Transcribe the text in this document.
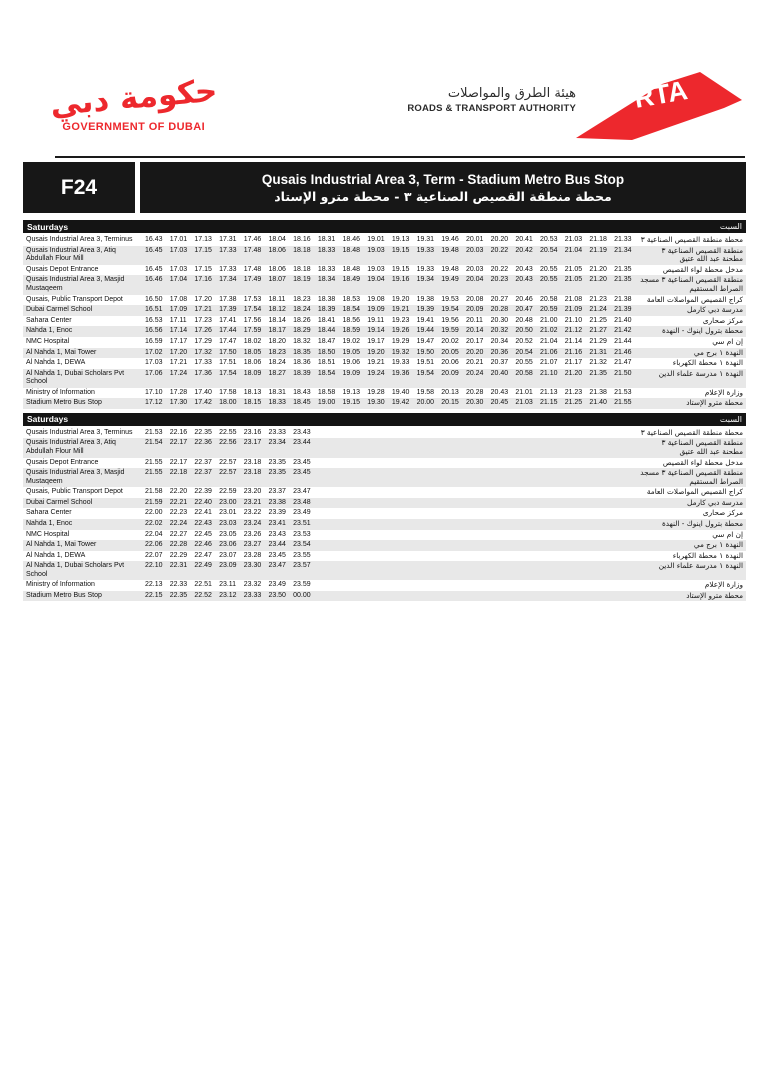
حكومة دبي
GOVERNMENT OF DUBAI
هيئة الطرق والمواصلات
ROADS & TRANSPORT AUTHORITY RTA
F24	Qusais Industrial Area 3, Term - Stadium Metro Bus Stop
محطة منطقة القصيص الصناعية ٣ - محطة مترو الإستاد
Saturdays	السبت
Qusais Industrial Area 3, Terminus	16.43	17.01	17.13	17.31	17.46	18.04	18.16	18.31	18.46	19.01	19.13	19.31	19.46	20.01	20.20	20.41	20.53	21.03	21.18	21.33	محطة منطقة القصيص الصناعية ٣
Qusais Industrial Area 3, Atiq Abdullah Flour Mill
16.45	17.03	17.15	17.33	17.48	18.06	18.18	18.33	18.48	19.03	19.15	19.33	19.48	20.03	20.22	20.42	20.54	21.04	21.19	21.34	منطقة القصيص الصناعية ٣ مطحنة عبد الله عتيق
Qusais Depot Entrance	16.45	17.03	17.15	17.33	17.48	18.06	18.18	18.33	18.48	19.03	19.15	19.33	19.48	20.03	20.22	20.43	20.55	21.05	21.20	21.35	مدخل محطة لواء القصيص
Qusais Industrial Area 3, Masjid Mustaqeem
16.46	17.04	17.16	17.34	17.49	18.07	18.19	18.34	18.49	19.04	19.16	19.34	19.49	20.04	20.23	20.43	20.55	21.05	21.20	21.35	منطقة القصيص الصناعية ٣ مسجد الصراط المستقيم
Qusais, Public Transport Depot	16.50	17.08	17.20	17.38	17.53	18.11	18.23	18.38	18.53	19.08	19.20	19.38	19.53	20.08	20.27	20.46	20.58	21.08	21.23	21.38	كراج القصيص المواصلات العامة
Dubai Carmel School	16.51	17.09	17.21	17.39	17.54	18.12	18.24	18.39	18.54	19.09	19.21	19.39	19.54	20.09	20.28	20.47	20.59	21.09	21.24	21.39	مدرسة دبي كارمل
Sahara Center	16.53	17.11	17.23	17.41	17.56	18.14	18.26	18.41	18.56	19.11	19.23	19.41	19.56	20.11	20.30	20.48	21.00	21.10	21.25	21.40	مركز صحارى
Nahda 1, Enoc	16.56	17.14	17.26	17.44	17.59	18.17	18.29	18.44	18.59	19.14	19.26	19.44	19.59	20.14	20.32	20.50	21.02	21.12	21.27	21.42	محطة بترول اينوك - النهدة
NMC Hospital	16.59	17.17	17.29	17.47	18.02	18.20	18.32	18.47	19.02	19.17	19.29	19.47	20.02	20.17	20.34	20.52	21.04	21.14	21.29	21.44	إن ام سي
Al Nahda 1, Mai Tower	17.02	17.20	17.32	17.50	18.05	18.23	18.35	18.50	19.05	19.20	19.32	19.50	20.05	20.20	20.36	20.54	21.06	21.16	21.31	21.46	النهدة ١ برج مي
Al Nahda 1, DEWA	17.03	17.21	17.33	17.51	18.06	18.24	18.36	18.51	19.06	19.21	19.33	19.51	20.06	20.21	20.37	20.55	21.07	21.17	21.32	21.47	النهدة ١ محطة الكهرباء
Al Nahda 1, Dubai Scholars Pvt School
17.06	17.24	17.36	17.54	18.09	18.27	18.39	18.54	19.09	19.24	19.36	19.54	20.09	20.24	20.40	20.58	21.10	21.20	21.35	21.50	النهدة ١ مدرسة علماء الدين
Ministry of Information	17.10	17.28	17.40	17.58	18.13	18.31	18.43	18.58	19.13	19.28	19.40	19.58	20.13	20.28	20.43	21.01	21.13	21.23	21.38	21.53	وزارة الإعلام
Stadium Metro Bus Stop	17.12	17.30	17.42	18.00	18.15	18.33	18.45	19.00	19.15	19.30	19.42	20.00	20.15	20.30	20.45	21.03	21.15	21.25	21.40	21.55	محطة مترو الإستاد
Saturdays	السبت
Qusais Industrial Area 3, Terminus	21.53	22.16	22.35	22.55	23.16	23.33	23.43	محطة منطقة القصيص الصناعية ٣
Qusais Industrial Area 3, Atiq Abdullah Flour Mill
21.54	22.17	22.36	22.56	23.17	23.34	23.44	منطقة القصيص الصناعية ٣ مطحنة عبد الله عتيق
Qusais Depot Entrance	21.55	22.17	22.37	22.57	23.18	23.35	23.45	مدخل محطة لواء القصيص
Qusais Industrial Area 3, Masjid Mustaqeem
21.55	22.18	22.37	22.57	23.18	23.35	23.45	منطقة القصيص الصناعية ٣ مسجد الصراط المستقيم
Qusais, Public Transport Depot	21.58	22.20	22.39	22.59	23.20	23.37	23.47	كراج القصيص المواصلات العامة
Dubai Carmel School	21.59	22.21	22.40	23.00	23.21	23.38	23.48	مدرسة دبي كارمل
Sahara Center	22.00	22.23	22.41	23.01	23.22	23.39	23.49	مركز صحارى
Nahda 1, Enoc	22.02	22.24	22.43	23.03	23.24	23.41	23.51	محطة بترول اينوك - النهدة
NMC Hospital	22.04	22.27	22.45	23.05	23.26	23.43	23.53	إن ام سي
Al Nahda 1, Mai Tower	22.06	22.28	22.46	23.06	23.27	23.44	23.54	النهدة ١ برج مي
Al Nahda 1, DEWA	22.07	22.29	22.47	23.07	23.28	23.45	23.55	النهدة ١ محطة الكهرباء
Al Nahda 1, Dubai Scholars Pvt School
22.10	22.31	22.49	23.09	23.30	23.47	23.57	النهدة ١ مدرسة علماء الدين
Ministry of Information	22.13	22.33	22.51	23.11	23.32	23.49	23.59	وزارة الإعلام
Stadium Metro Bus Stop	22.15	22.35	22.52	23.12	23.33	23.50	00.00	محطة مترو الإستاد
